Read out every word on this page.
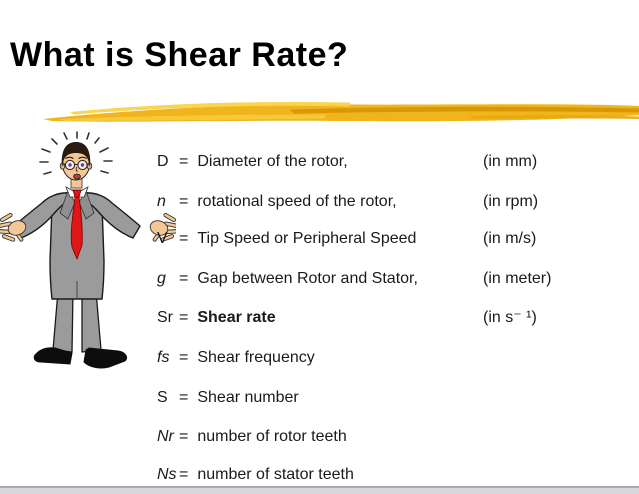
What is Shear Rate?
D = Diameter of the rotor,	(in mm)
n = rotational speed of the rotor,	(in rpm)
V = Tip Speed or Peripheral Speed	(in m/s)
g = Gap between Rotor and Stator,	(in meter)
Sr = Shear rate	(in s⁻ ¹)
fs = Shear frequency
S = Shear number
Nr = number of rotor teeth
Ns = number of stator teeth
